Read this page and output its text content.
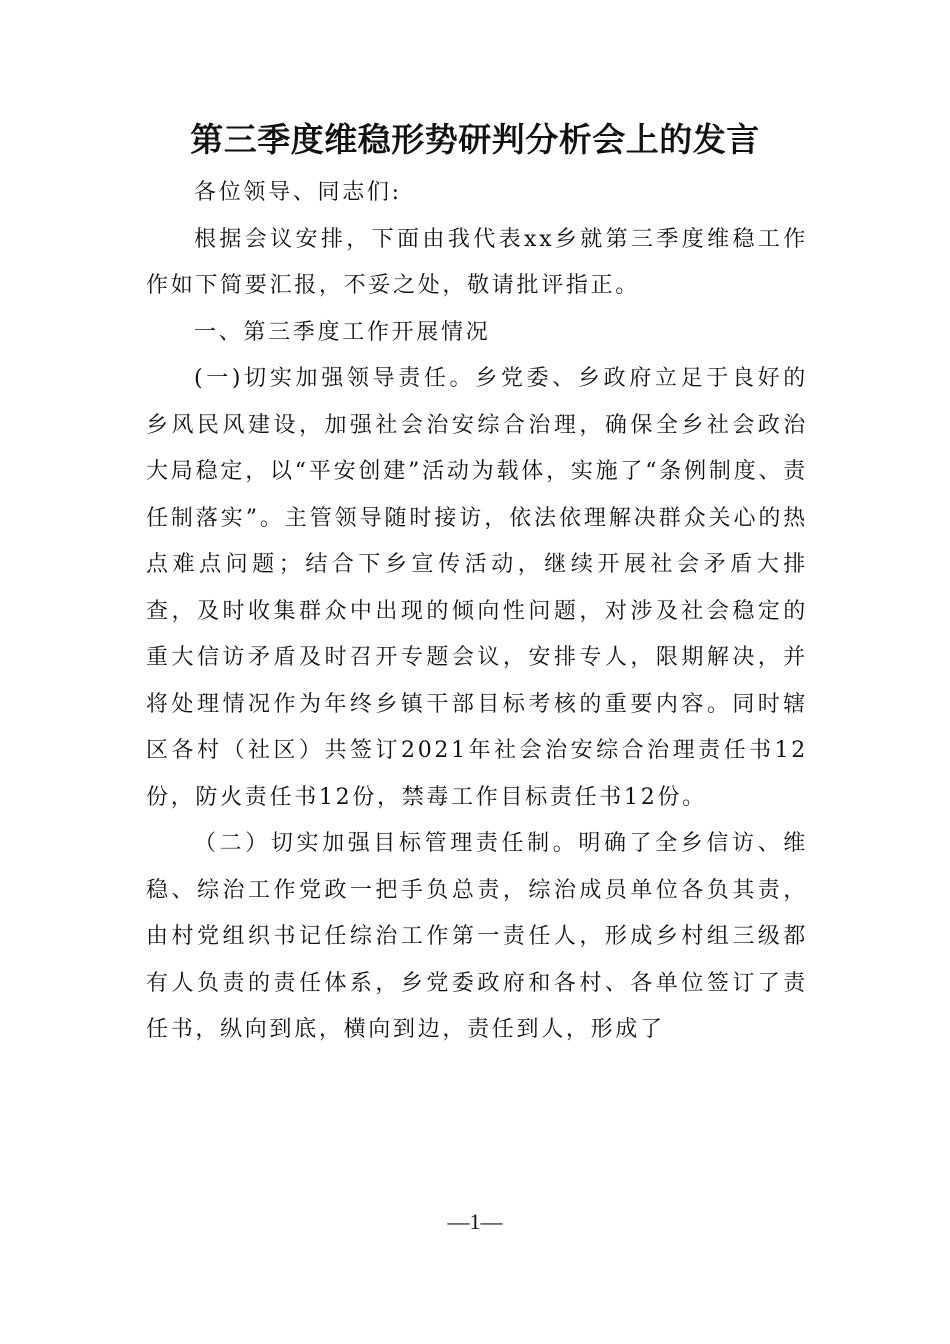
第三季度维稳形势研判分析会上的发言

各位领导、同志们:

根据会议安排，下面由我代表xx乡就第三季度维稳工作作如下简要汇报，不妥之处，敬请批评指正。

一、第三季度工作开展情况

(一)切实加强领导责任。乡党委、乡政府立足于良好的乡风民风建设，加强社会治安综合治理，确保全乡社会政治大局稳定，以“平安创建”活动为载体，实施了“条例制度、责任制落实”。主管领导随时接访，依法依理解决群众关心的热点难点问题；结合下乡宣传活动，继续开展社会矛盾大排查，及时收集群众中出现的倾向性问题，对涉及社会稳定的重大信访矛盾及时召开专题会议，安排专人，限期解决，并将处理情况作为年终乡镇干部目标考核的重要内容。同时辖区各村（社区）共签订2021年社会治安综合治理责任书12份，防火责任书12份，禁毒工作目标责任书12份。

（二）切实加强目标管理责任制。明确了全乡信访、维稳、综治工作党政一把手负总责，综治成员单位各负其责，由村党组织书记任综治工作第一责任人，形成乡村组三级都有人负责的责任体系，乡党委政府和各村、各单位签订了责任书，纵向到底，横向到边，责任到人，形成了

—1—
